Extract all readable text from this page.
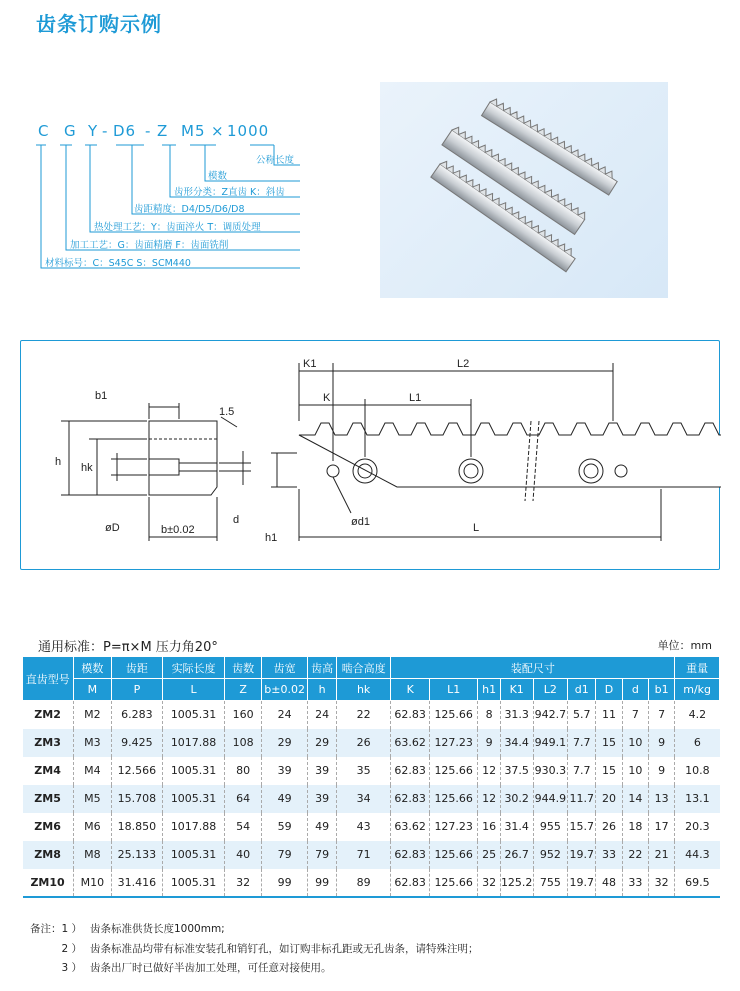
齿条订购示例
C G Y - D6 - Z M5 × 1000
公称长度
模数
齿形分类：Z直齿 K：斜齿
齿距精度：D4/D5/D6/D8
热处理工艺：Y：齿面淬火 T：调质处理
加工工艺：G：齿面精磨 F：齿面铣削
材料标号：C：S45C S：SCM440
b1
1.5
h hk
øD	b±0.02
d
K1	L2
K	L1
ød1	L
h1
通用标准：P=π×M 压力角20°	单位：mm
直齿型号	模数	齿距	实际长度	齿数	齿宽	齿高	啮合高度	装配尺寸									重量
	M	P	L	Z	b±0.02	h	hk	K	L1	h1	K1	L2	d1	D	d	b1	m/kg
ZM2	M2	6.283	1005.31	160	24	24	22	62.83	125.66	8	31.3	942.7	5.7	11	7	7	4.2
ZM3	M3	9.425	1017.88	108	29	29	26	63.62	127.23	9	34.4	949.1	7.7	15	10	9	6
ZM4	M4	12.566	1005.31	80	39	39	35	62.83	125.66	12	37.5	930.3	7.7	15	10	9	10.8
ZM5	M5	15.708	1005.31	64	49	39	34	62.83	125.66	12	30.2	944.9	11.7	20	14	13	13.1
ZM6	M6	18.850	1017.88	54	59	49	43	63.62	127.23	16	31.4	955	15.7	26	18	17	20.3
ZM8	M8	25.133	1005.31	40	79	79	71	62.83	125.66	25	26.7	952	19.7	33	22	21	44.3
ZM10	M10	31.416	1005.31	32	99	99	89	62.83	125.66	32	125.2	755	19.7	48	33	32	69.5
备注：1 ） 齿条标准供货长度1000mm;
2 ） 齿条标准品均带有标准安装孔和销钉孔，如订购非标孔距或无孔齿条，请特殊注明；
3 ） 齿条出厂时已做好半齿加工处理，可任意对接使用。
